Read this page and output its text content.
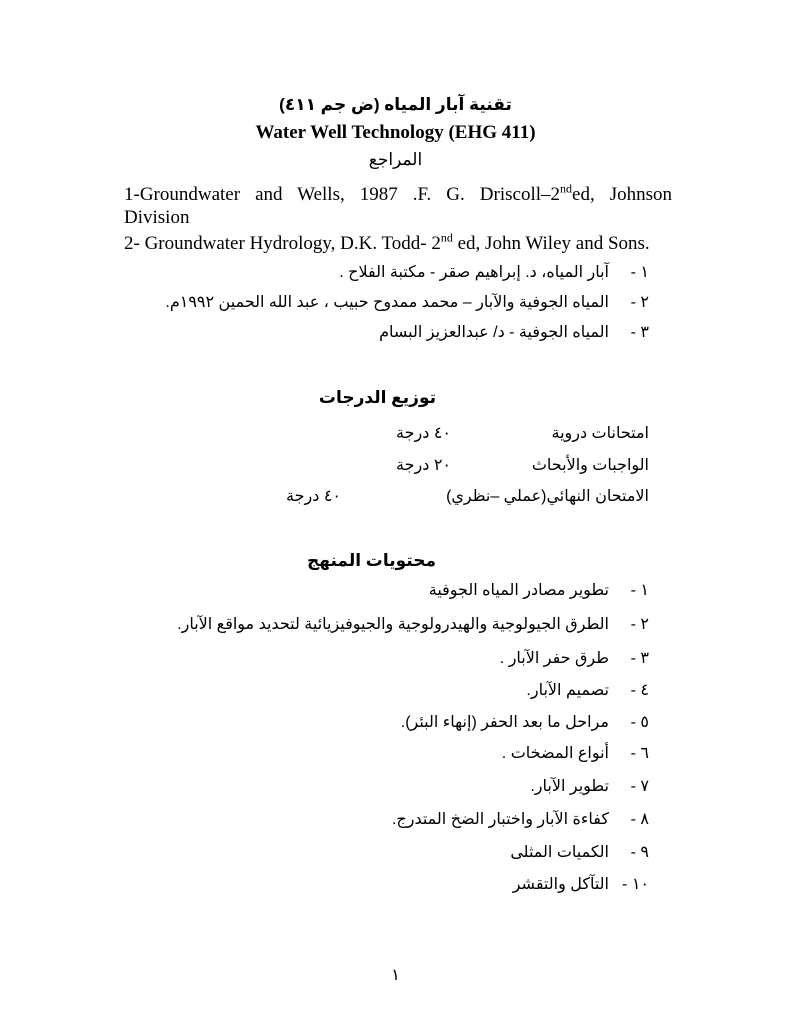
تقنية آبار المياه (ض جم ٤١١)
Water Well Technology (EHG 411)
المراجع
1-Groundwater and Wells, 1987 .F. G. Driscoll–2nded, Johnson
Division
2- Groundwater Hydrology, D.K. Todd- 2nd ed, John Wiley and Sons.
١ -
آبار المياه، د. إبراهيم صقر - مكتبة الفلاح .
٢ -
المياه الجوفية والآبار – محمد ممدوح حبيب ، عبد الله الحمين ١٩٩٢م.
٣ -
المياه الجوفية - د/ عبدالعزيز البسام
توزيع الدرجات
امتحانات دروية
٤٠ درجة
الواجبات والأبحاث
٢٠ درجة
الامتحان النهائي(عملي –نظري)
٤٠ درجة
محتويات المنهج
١ -
تطوير مصادر المياه الجوفية
٢ -
الطرق الجيولوجية والهيدرولوجية والجيوفيزيائية لتحديد مواقع الآبار.
٣ -
طرق حفر الآبار .
٤ -
تصميم الآبار.
٥ -
مراحل ما بعد الحفر (إنهاء البئر).
٦ -
أنواع المضخات .
٧ -
تطوير الآبار.
٨ -
كفاءة الآبار واختبار الضخ المتدرج.
٩ -
الكميات المثلى
١٠ -
التآكل والتقشر
١
